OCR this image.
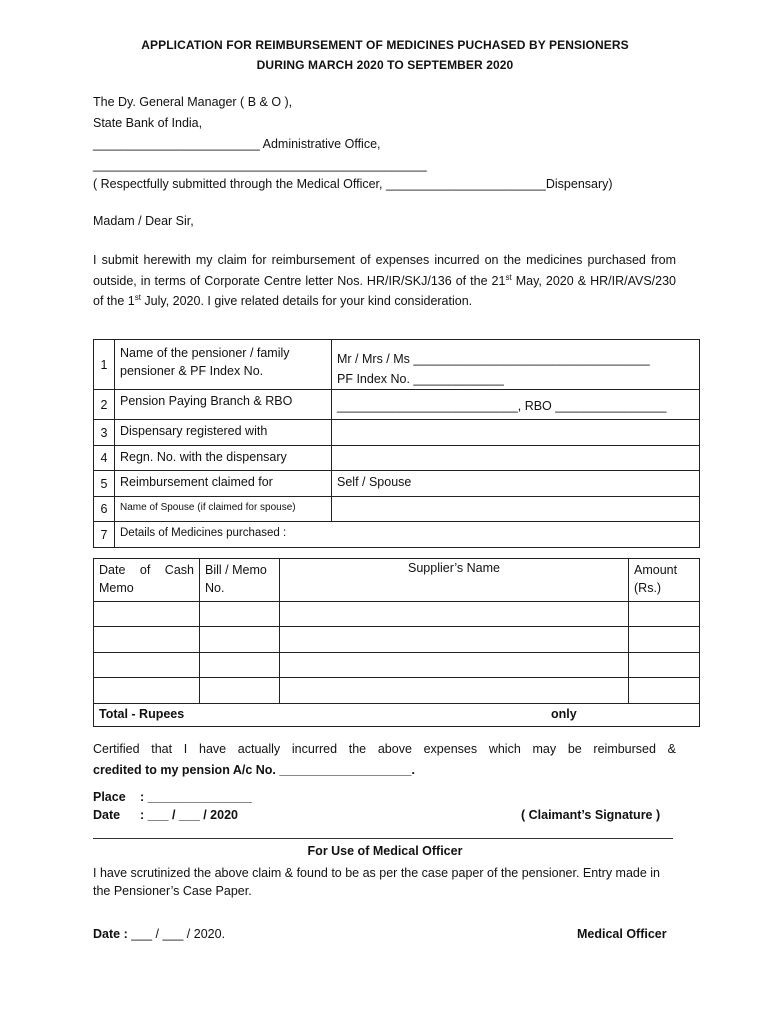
APPLICATION FOR REIMBURSEMENT OF MEDICINES PUCHASED BY PENSIONERS
DURING MARCH 2020 TO SEPTEMBER 2020
The Dy. General Manager ( B & O ),
State Bank of India,
________________________ Administrative Office,
________________________________________________
( Respectfully submitted through the Medical Officer, _______________________Dispensary)
Madam / Dear Sir,
I submit herewith my claim for reimbursement of expenses incurred on the medicines purchased from outside, in terms of Corporate Centre letter Nos. HR/IR/SKJ/136 of the 21st May, 2020 & HR/IR/AVS/230 of the 1st July, 2020. I give related details for your kind consideration.
1	Name of the pensioner / family pensioner & PF Index No.	Mr / Mrs / Ms __________________________________
PF Index No. _____________

2	Pension Paying Branch & RBO	__________________________, RBO ________________
3	Dispensary registered with	
4	Regn. No. with the dispensary	
5	Reimbursement claimed for	Self / Spouse
6	Name of Spouse (if claimed for spouse)	
7	Details of Medicines purchased :	
Date of Cash Memo	Bill / Memo No.	Supplier’s Name	Amount (Rs.)

Total - Rupees only			
Certified that I have actually incurred the above expenses which may be reimbursed &
credited to my pension A/c No. ___________________.
Place : _______________
Date : ___ / ___ / 2020	( Claimant’s Signature )
For Use of Medical Officer
I have scrutinized the above claim & found to be as per the case paper of the pensioner. Entry made in the Pensioner’s Case Paper.
Date : ___ / ___ / 2020.	Medical Officer
